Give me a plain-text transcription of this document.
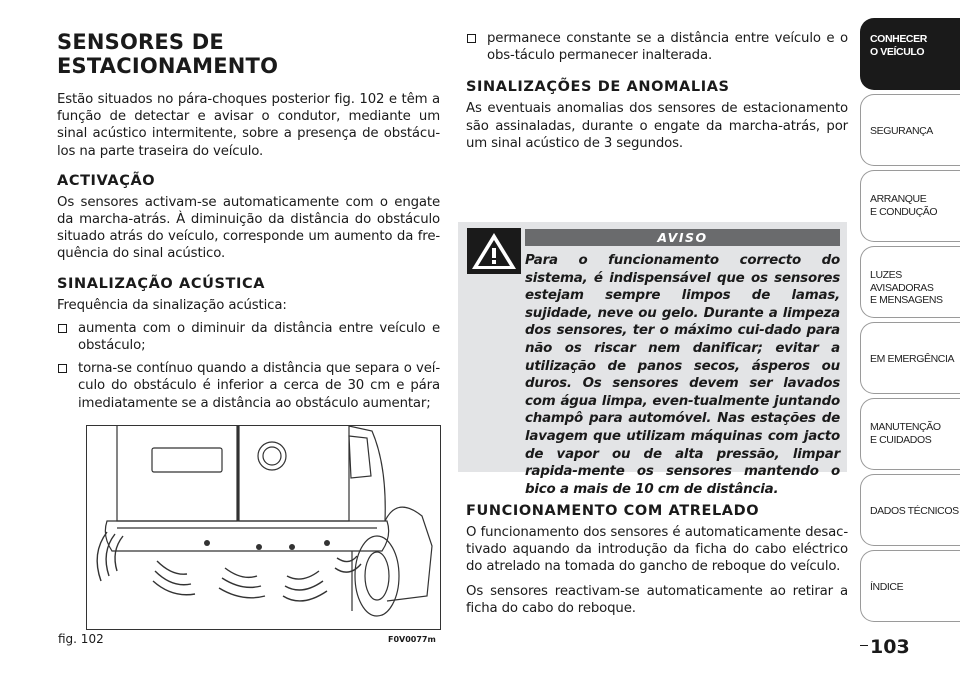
SENSORES DE ESTACIONAMENTO
Estão situados no pára-choques posterior fig. 102 e têm a função de detectar e avisar o condutor, mediante um sinal acústico intermitente, sobre a presença de obstácu-los na parte traseira do veículo.
ACTIVAÇÃO
Os sensores activam-se automaticamente com o engate da marcha-atrás. À diminuição da distância do obstáculo situado atrás do veículo, corresponde um aumento da fre-quência do sinal acústico.
SINALIZAÇÃO ACÚSTICA
Frequência da sinalização acústica:
aumenta com o diminuir da distância entre veículo e obstáculo;
torna-se contínuo quando a distância que separa o veí-culo do obstáculo é inferior a cerca de 30 cm e pára imediatamente se a distância ao obstáculo aumentar;
fig. 102	F0V0077m
permanece constante se a distância entre veículo e o obs-táculo permanecer inalterada.
SINALIZAÇÕES DE ANOMALIAS
As eventuais anomalias dos sensores de estacionamento são assinaladas, durante o engate da marcha-atrás, por um sinal acústico de 3 segundos.
AVISO
Para o funcionamento correcto do sistema, é indispensável que os sensores estejam sempre limpos de lamas, sujidade, neve ou gelo. Durante a limpeza dos sensores, ter o máximo cui-dado para não os riscar nem danificar; evitar a utilização de panos secos, ásperos ou duros. Os sensores devem ser lavados com água limpa, even-tualmente juntando champô para automóvel. Nas estações de lavagem que utilizam máquinas com jacto de vapor ou de alta pressão, limpar rapida-mente os sensores mantendo o bico a mais de 10 cm de distância.
FUNCIONAMENTO COM ATRELADO
O funcionamento dos sensores é automaticamente desac-tivado aquando da introdução da ficha do cabo eléctrico do atrelado na tomada do gancho de reboque do veículo.
Os sensores reactivam-se automaticamente ao retirar a ficha do cabo do reboque.
CONHECER
O VEÍCULO
SEGURANÇA
ARRANQUE
E CONDUÇÃO
LUZES AVISADORAS
E MENSAGENS
EM EMERGÊNCIA
MANUTENÇÃO
E CUIDADOS
DADOS TÉCNICOS
ÍNDICE
103
